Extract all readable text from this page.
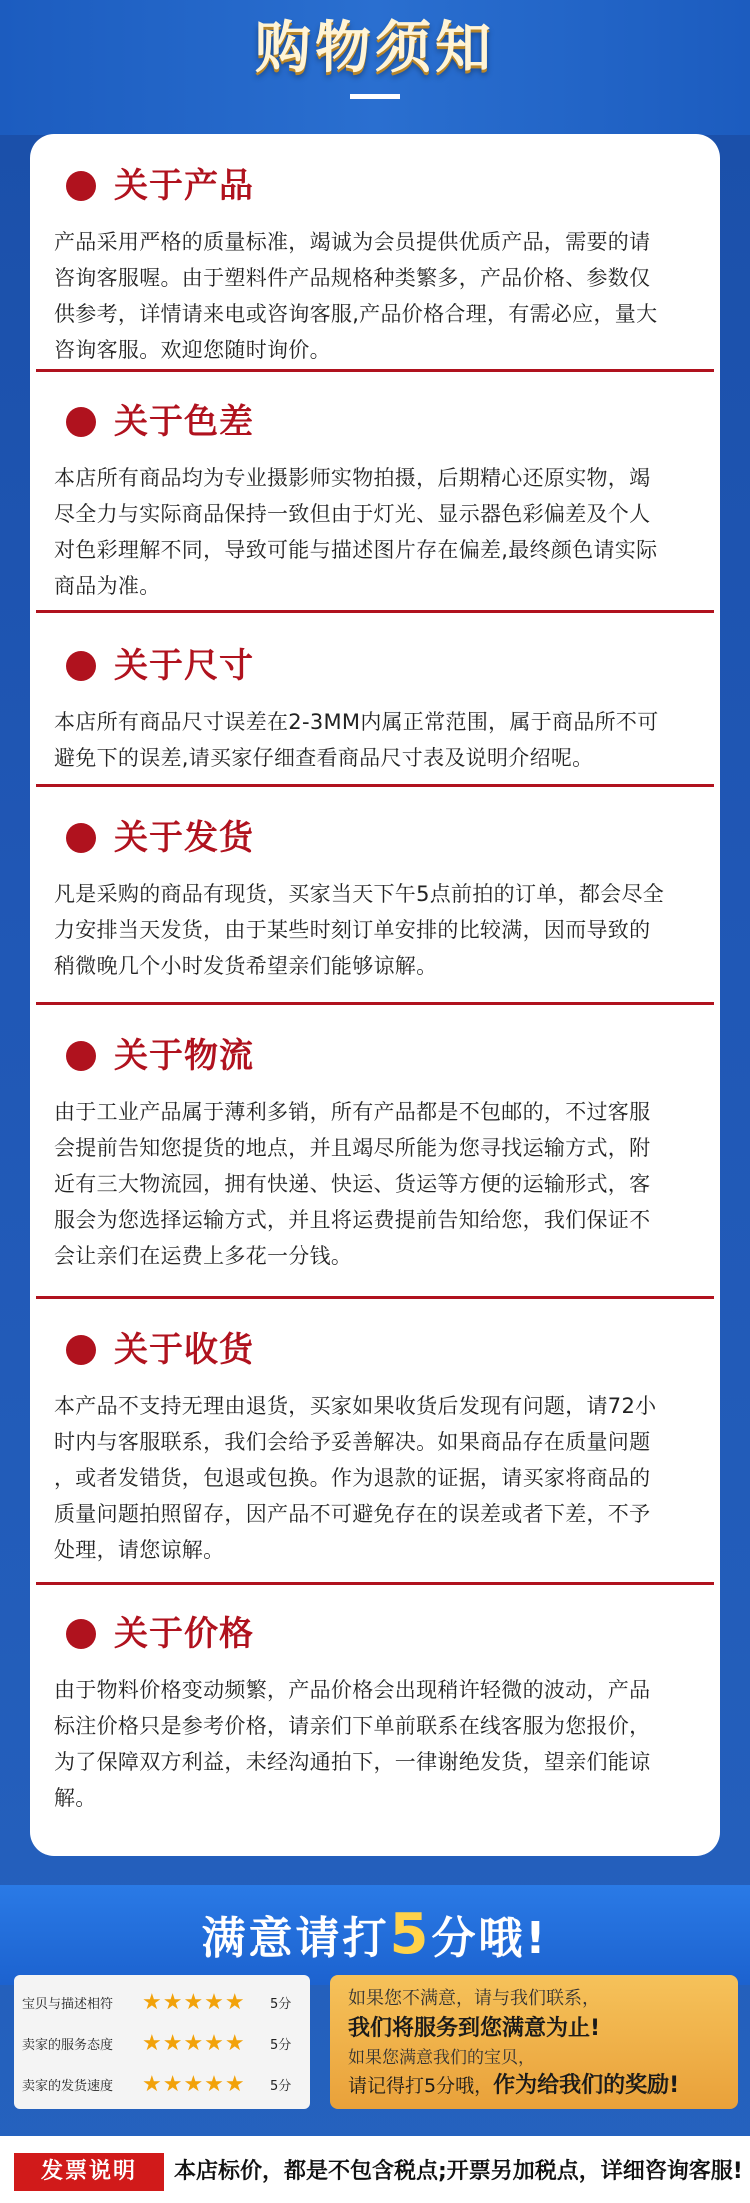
购物须知
关于产品
产品采用严格的质量标准，竭诚为会员提供优质产品，需要的请
咨询客服喔。由于塑料件产品规格种类繁多，产品价格、参数仅
供参考，详情请来电或咨询客服,产品价格合理，有需必应，量大
咨询客服。欢迎您随时询价。
关于色差
本店所有商品均为专业摄影师实物拍摄，后期精心还原实物，竭
尽全力与实际商品保持一致但由于灯光、显示器色彩偏差及个人
对色彩理解不同，导致可能与描述图片存在偏差,最终颜色请实际
商品为准。
关于尺寸
本店所有商品尺寸误差在2-3MM内属正常范围，属于商品所不可
避免下的误差,请买家仔细查看商品尺寸表及说明介绍呢。
关于发货
凡是采购的商品有现货，买家当天下午5点前拍的订单，都会尽全
力安排当天发货，由于某些时刻订单安排的比较满，因而导致的
稍微晚几个小时发货希望亲们能够谅解。
关于物流
由于工业产品属于薄利多销，所有产品都是不包邮的，不过客服
会提前告知您提货的地点，并且竭尽所能为您寻找运输方式，附
近有三大物流园，拥有快递、快运、货运等方便的运输形式，客
服会为您选择运输方式，并且将运费提前告知给您，我们保证不
会让亲们在运费上多花一分钱。
关于收货
本产品不支持无理由退货，买家如果收货后发现有问题，请72小
时内与客服联系，我们会给予妥善解决。如果商品存在质量问题
，或者发错货，包退或包换。作为退款的证据，请买家将商品的
质量问题拍照留存，因产品不可避免存在的误差或者下差，不予
处理，请您谅解。
关于价格
由于物料价格变动频繁，产品价格会出现稍许轻微的波动，产品
标注价格只是参考价格，请亲们下单前联系在线客服为您报价，
为了保障双方利益，未经沟通拍下，一律谢绝发货，望亲们能谅
解。
满意请打5分哦!
宝贝与描述相符	★★★★★	5分
卖家的服务态度	★★★★★	5分
卖家的发货速度	★★★★★	5分
如果您不满意，请与我们联系，
我们将服务到您满意为止!
如果您满意我们的宝贝，
请记得打5分哦，作为给我们的奖励!
发票说明	本店标价，都是不包含税点;开票另加税点，详细咨询客服!
